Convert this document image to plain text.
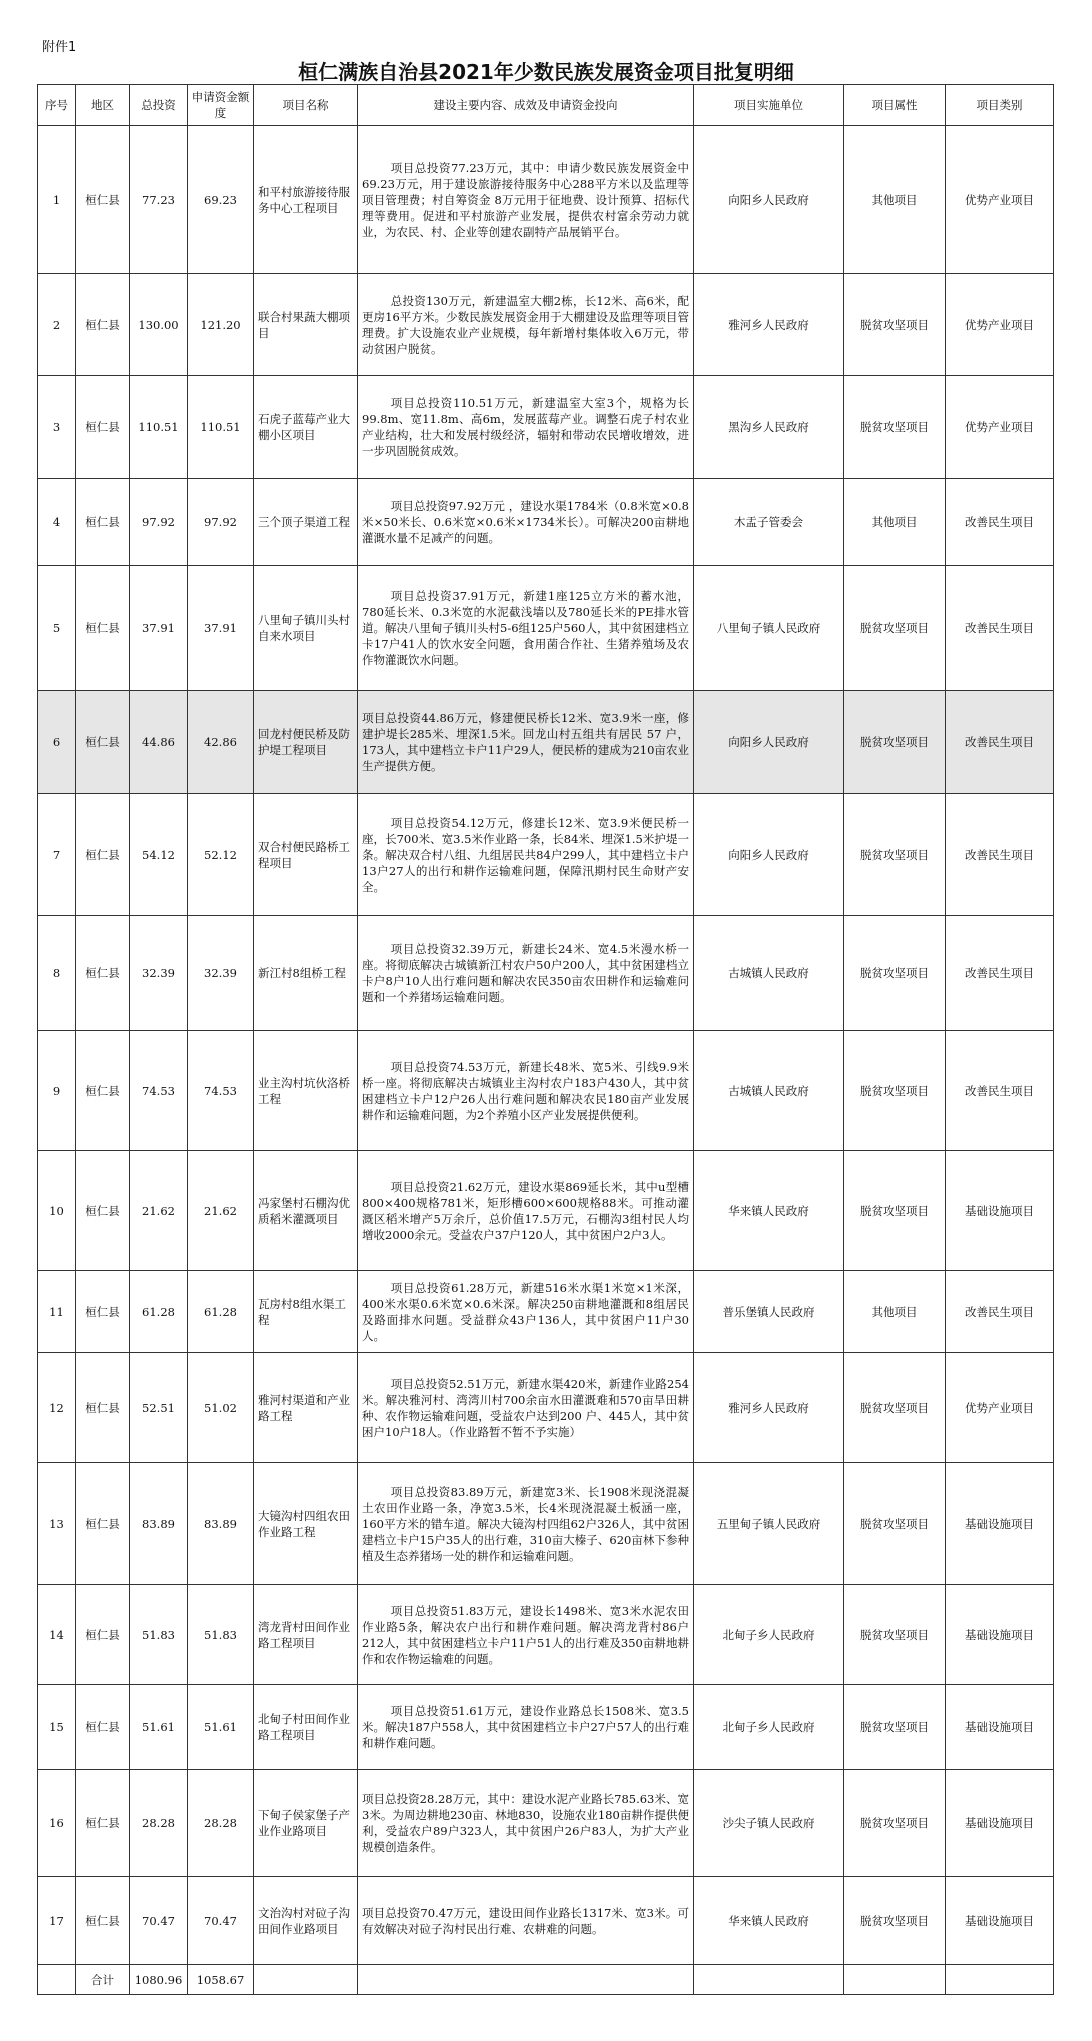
附件1
桓仁满族自治县2021年少数民族发展资金项目批复明细
序号	地区	总投资	申请资金额度	项目名称	建设主要内容、成效及申请资金投向	项目实施单位	项目属性	项目类别
1	桓仁县	77.23	69.23	和平村旅游接待服务中心工程项目	项目总投资77.23万元，其中：申请少数民族发展资金中69.23万元，用于建设旅游接待服务中心288平方米以及监理等项目管理费；村自筹资金 8万元用于征地费、设计预算、招标代理等费用。促进和平村旅游产业发展，提供农村富余劳动力就业，为农民、村、企业等创建农副特产品展销平台。	向阳乡人民政府	其他项目	优势产业项目
2	桓仁县	130.00	121.20	联合村果蔬大棚项目	总投资130万元，新建温室大棚2栋，长12米、高6米，配更房16平方米。少数民族发展资金用于大棚建设及监理等项目管理费。扩大设施农业产业规模，每年新增村集体收入6万元，带动贫困户脱贫。	雅河乡人民政府	脱贫攻坚项目	优势产业项目
3	桓仁县	110.51	110.51	石虎子蓝莓产业大棚小区项目	项目总投资110.51万元，新建温室大室3个，规格为长99.8m、宽11.8m、高6m，发展蓝莓产业。调整石虎子村农业产业结构，壮大和发展村级经济，辐射和带动农民增收增效，进一步巩固脱贫成效。	黑沟乡人民政府	脱贫攻坚项目	优势产业项目
4	桓仁县	97.92	97.92	三个顶子渠道工程	项目总投资97.92万元 ，建设水渠1784米（0.8米宽×0.8米×50米长、0.6米宽×0.6米×1734米长）。可解决200亩耕地灌溉水量不足减产的问题。	木盂子管委会	其他项目	改善民生项目
5	桓仁县	37.91	37.91	八里甸子镇川头村自来水项目	项目总投资37.91万元，新建1座125立方米的蓄水池，780延长米、0.3米宽的水泥截浅墙以及780延长米的PE排水管道。解决八里甸子镇川头村5-6组125户560人，其中贫困建档立卡17户41人的饮水安全问题，食用菌合作社、生猪养殖场及农作物灌溉饮水问题。	八里甸子镇人民政府	脱贫攻坚项目	改善民生项目
6	桓仁县	44.86	42.86	回龙村便民桥及防护堤工程项目	项目总投资44.86万元，修建便民桥长12米、宽3.9米一座，修建护堤长285米、埋深1.5米。回龙山村五组共有居民 57 户，173人，其中建档立卡户11户29人，便民桥的建成为210亩农业生产提供方便。	向阳乡人民政府	脱贫攻坚项目	改善民生项目
7	桓仁县	54.12	52.12	双合村便民路桥工程项目	项目总投资54.12万元，修建长12米、宽3.9米便民桥一座，长700米、宽3.5米作业路一条，长84米、埋深1.5米护堤一条。解决双合村八组、九组居民共84户299人，其中建档立卡户13户27人的出行和耕作运输难问题，保障汛期村民生命财产安全。	向阳乡人民政府	脱贫攻坚项目	改善民生项目
8	桓仁县	32.39	32.39	新江村8组桥工程	项目总投资32.39万元，新建长24米、宽4.5米漫水桥一座。将彻底解决古城镇新江村农户50户200人，其中贫困建档立卡户8户10人出行难问题和解决农民350亩农田耕作和运输难问题和一个养猪场运输难问题。	古城镇人民政府	脱贫攻坚项目	改善民生项目
9	桓仁县	74.53	74.53	业主沟村坑伙洛桥工程	项目总投资74.53万元，新建长48米、宽5米、引线9.9米桥一座。将彻底解决古城镇业主沟村农户183户430人，其中贫困建档立卡户12户26人出行难问题和解决农民180亩产业发展耕作和运输难问题，为2个养殖小区产业发展提供便利。	古城镇人民政府	脱贫攻坚项目	改善民生项目
10	桓仁县	21.62	21.62	冯家堡村石棚沟优质稻米灌溉项目	项目总投资21.62万元，建设水渠869延长米，其中u型槽800×400规格781米，矩形槽600×600规格88米。可推动灌溉区稻米增产5万余斤，总价值17.5万元，石棚沟3组村民人均增收2000余元。受益农户37户120人，其中贫困户2户3人。	华来镇人民政府	脱贫攻坚项目	基础设施项目
11	桓仁县	61.28	61.28	瓦房村8组水渠工程	项目总投资61.28万元，新建516米水渠1米宽×1米深，400米水渠0.6米宽×0.6米深。解决250亩耕地灌溉和8组居民及路面排水问题。受益群众43户136人，其中贫困户11户30人。	普乐堡镇人民政府	其他项目	改善民生项目
12	桓仁县	52.51	51.02	雅河村渠道和产业路工程	项目总投资52.51万元，新建水渠420米，新建作业路254米。解决雅河村、湾湾川村700余亩水田灌溉难和570亩旱田耕种、农作物运输难问题，受益农户达到200 户、445人，其中贫困户10户18人。（作业路暂不暂不予实施）	雅河乡人民政府	脱贫攻坚项目	优势产业项目
13	桓仁县	83.89	83.89	大镜沟村四组农田作业路工程	项目总投资83.89万元，新建宽3米、长1908米现浇混凝土农田作业路一条，净宽3.5米，长4米现浇混凝土板涵一座，160平方米的错车道。解决大镜沟村四组62户326人，其中贫困建档立卡户15户35人的出行难，310亩大榛子、620亩林下参种植及生态养猪场一处的耕作和运输难问题。	五里甸子镇人民政府	脱贫攻坚项目	基础设施项目
14	桓仁县	51.83	51.83	湾龙背村田间作业路工程项目	项目总投资51.83万元，建设长1498米、宽3米水泥农田作业路5条，解决农户出行和耕作难问题。解决湾龙背村86户212人，其中贫困建档立卡户11户51人的出行难及350亩耕地耕作和农作物运输难的问题。	北甸子乡人民政府	脱贫攻坚项目	基础设施项目
15	桓仁县	51.61	51.61	北甸子村田间作业路工程项目	项目总投资51.61万元，建设作业路总长1508米、宽3.5米。解决187户558人，其中贫困建档立卡户27户57人的出行难和耕作难问题。	北甸子乡人民政府	脱贫攻坚项目	基础设施项目
16	桓仁县	28.28	28.28	下甸子侯家堡子产业作业路项目	项目总投资28.28万元，其中：建设水泥产业路长785.63米、宽3米。为周边耕地230亩、林地830，设施农业180亩耕作提供便利，受益农户89户323人，其中贫困户26户83人，为扩大产业规模创造条件。	沙尖子镇人民政府	脱贫攻坚项目	基础设施项目
17	桓仁县	70.47	70.47	文治沟村对砬子沟田间作业路项目	项目总投资70.47万元，建设田间作业路长1317米、宽3米。可有效解决对砬子沟村民出行难、农耕难的问题。	华来镇人民政府	脱贫攻坚项目	基础设施项目
	合计	1080.96	1058.67					
